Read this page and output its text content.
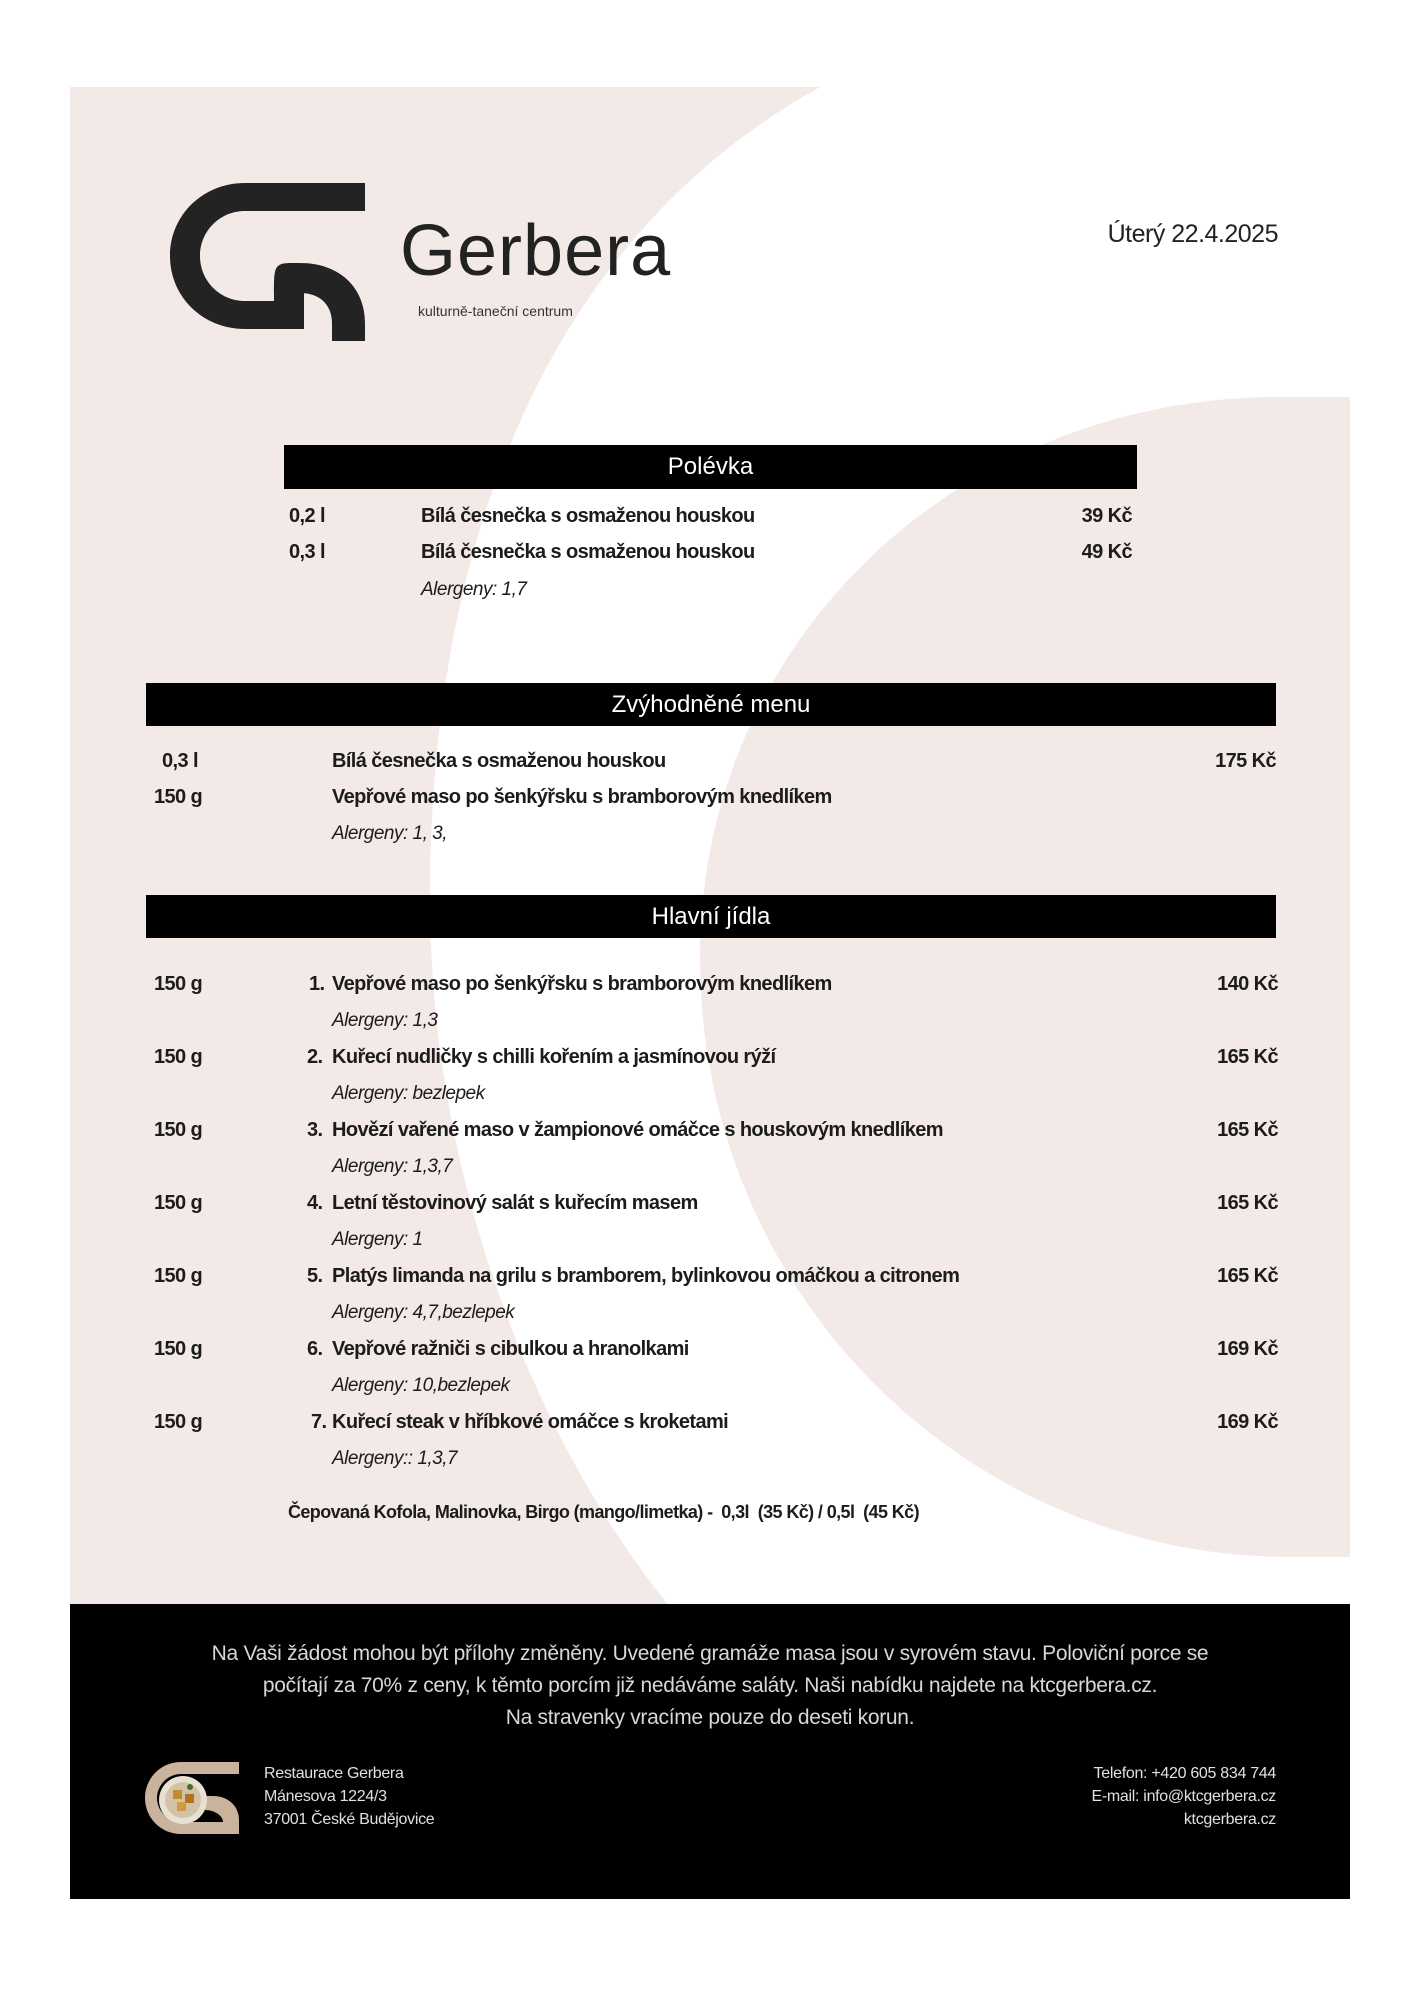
Gerbera
kulturně-taneční centrum
Úterý 22.4.2025
Polévka
0,2 l	Bílá česnečka s osmaženou houskou	39 Kč
0,3 l	Bílá česnečka s osmaženou houskou	49 Kč
Alergeny: 1,7
Zvýhodněné menu
0,3 l	Bílá česnečka s osmaženou houskou	175 Kč
150 g	Vepřové maso po šenkýřsku s bramborovým knedlíkem
Alergeny: 1, 3,
Hlavní jídla
150 g	1. Vepřové maso po šenkýřsku s bramborovým knedlíkem	140 Kč
Alergeny: 1,3
150 g	2. Kuřecí nudličky s chilli kořením a jasmínovou rýží	165 Kč
Alergeny: bezlepek
150 g	3. Hovězí vařené maso v žampionové omáčce s houskovým knedlíkem	165 Kč
Alergeny: 1,3,7
150 g	4. Letní těstovinový salát s kuřecím masem	165 Kč
Alergeny: 1
150 g	5. Platýs limanda na grilu s bramborem, bylinkovou omáčkou a citronem	165 Kč
Alergeny: 4,7,bezlepek
150 g	6. Vepřové ražniči s cibulkou a hranolkami	169 Kč
Alergeny: 10,bezlepek
150 g	7. Kuřecí steak v hříbkové omáčce s kroketami	169 Kč
Alergeny:: 1,3,7
Čepovaná Kofola, Malinovka, Birgo (mango/limetka) -  0,3l  (35 Kč) / 0,5l  (45 Kč)
Na Vaši žádost mohou být přílohy změněny. Uvedené gramáže masa jsou v syrovém stavu. Poloviční porce se
počítají za 70% z ceny, k těmto porcím již nedáváme saláty. Naši nabídku najdete na ktcgerbera.cz.
Na stravenky vracíme pouze do deseti korun.
Restaurace Gerbera
Mánesova 1224/3
37001 České Budějovice
Telefon: +420 605 834 744
E-mail: info@ktcgerbera.cz
ktcgerbera.cz
